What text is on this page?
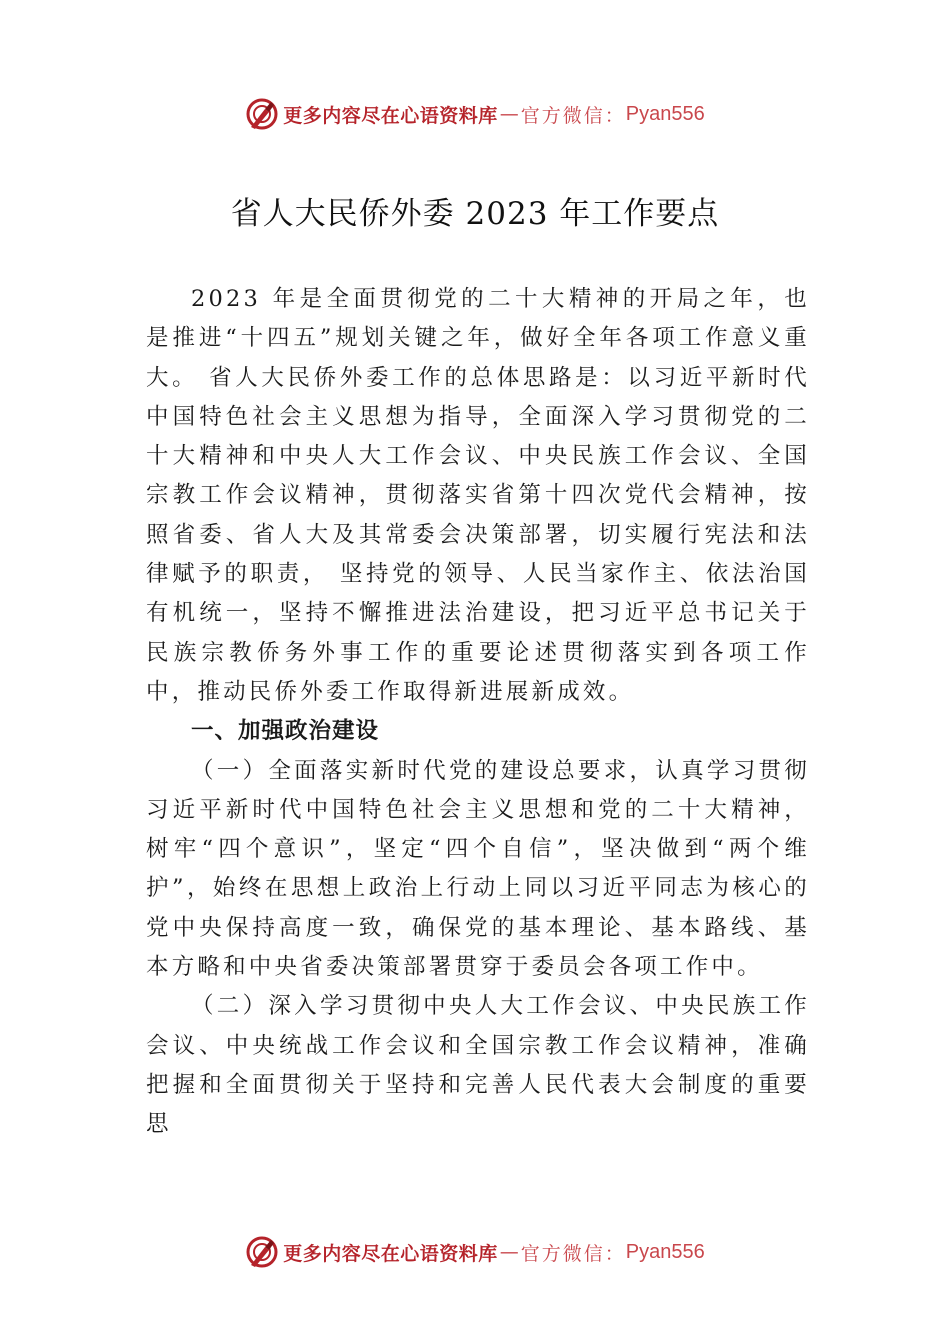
更多内容尽在心语资料库 — 官方微信： Pyan556
省人大民侨外委 2023 年工作要点

2023 年是全面贯彻党的二十大精神的开局之年，也是推进“十四五”规划关键之年，做好全年各项工作意义重大。 省人大民侨外委工作的总体思路是：以习近平新时代中国特色社会主义思想为指导，全面深入学习贯彻党的二十大精神和中央人大工作会议、中央民族工作会议、全国宗教工作会议精神，贯彻落实省第十四次党代会精神，按照省委、省人大及其常委会决策部署，切实履行宪法和法律赋予的职责， 坚持党的领导、人民当家作主、依法治国有机统一，坚持不懈推进法治建设，把习近平总书记关于民族宗教侨务外事工作的重要论述贯彻落实到各项工作中，推动民侨外委工作取得新进展新成效。

一、加强政治建设

（一）全面落实新时代党的建设总要求，认真学习贯彻习近平新时代中国特色社会主义思想和党的二十大精神，树牢“四个意识”，坚定“四个自信”，坚决做到“两个维护”，始终在思想上政治上行动上同以习近平同志为核心的党中央保持高度一致，确保党的基本理论、基本路线、基本方略和中央省委决策部署贯穿于委员会各项工作中。

（二）深入学习贯彻中央人大工作会议、中央民族工作会议、中央统战工作会议和全国宗教工作会议精神，准确把握和全面贯彻关于坚持和完善人民代表大会制度的重要思

更多内容尽在心语资料库 — 官方微信： Pyan556
